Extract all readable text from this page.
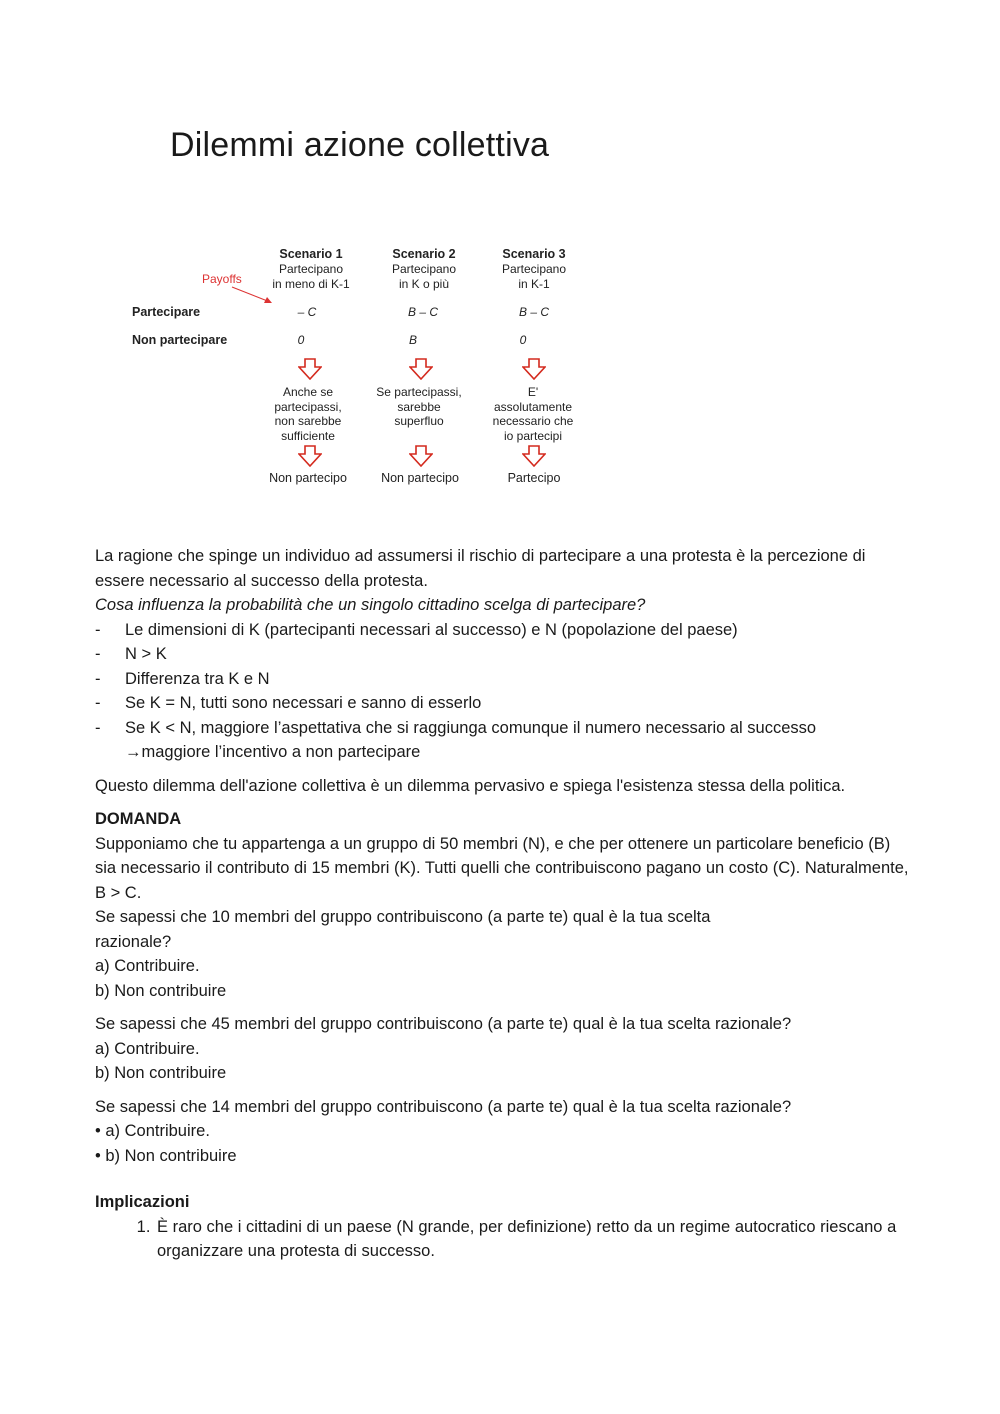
Dilemmi azione collettiva
Payoffs
Partecipare
Non partecipare
Scenario 1
Partecipano
in meno di K-1
– C
0
Scenario 2
Partecipano
in K o più
B – C
B
Scenario 3
Partecipano
in K-1
B – C
0
Anche se
partecipassi,
non sarebbe
sufficiente
Se partecipassi,
sarebbe
superfluo
E'
assolutamente
necessario che
io partecipi
Non partecipo	Non partecipo	Partecipo

La ragione che spinge un individuo ad assumersi il rischio di partecipare a una protesta è la percezione di essere necessario al successo della protesta.

Cosa influenza la probabilità che un singolo cittadino scelga di partecipare?

- Le dimensioni di K (partecipanti necessari al successo) e N (popolazione del paese)
- N > K
- Differenza tra K e N
- Se K = N, tutti sono necessari e sanno di esserlo
- Se K < N, maggiore l’aspettativa che si raggiunga comunque il numero necessario al successo

→maggiore l’incentivo a non partecipare

Questo dilemma dell'azione collettiva è un dilemma pervasivo e spiega l'esistenza stessa della politica.

DOMANDA

Supponiamo che tu appartenga a un gruppo di 50 membri (N), e che per ottenere un particolare beneficio (B) sia necessario il contributo di 15 membri (K). Tutti quelli che contribuiscono pagano un costo (C). Naturalmente, B > C.

Se sapessi che 10 membri del gruppo contribuiscono (a parte te) qual è la tua scelta

razionale?

a) Contribuire.

b) Non contribuire

Se sapessi che 45 membri del gruppo contribuiscono (a parte te) qual è la tua scelta razionale?

a) Contribuire.

b) Non contribuire

Se sapessi che 14 membri del gruppo contribuiscono (a parte te) qual è la tua scelta razionale?

• a) Contribuire.

• b) Non contribuire

Implicazioni

1. È raro che i cittadini di un paese (N grande, per definizione) retto da un regime autocratico riescano a organizzare una protesta di successo.
